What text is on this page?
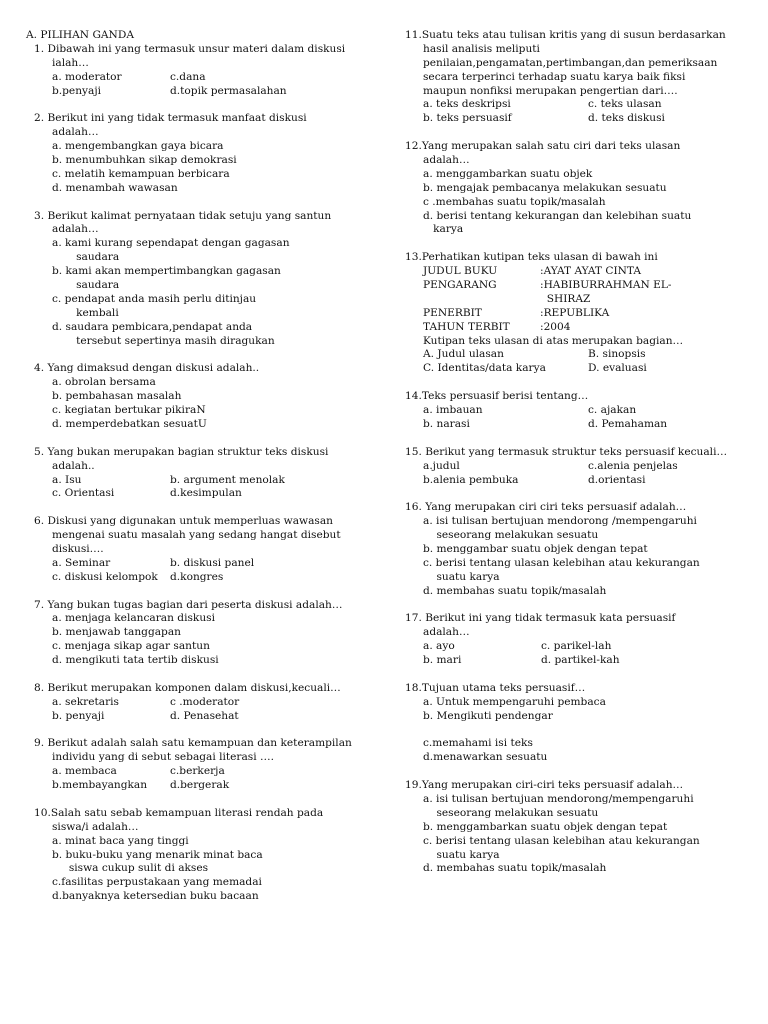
A. PILIHAN GANDA
1. Dibawah ini yang termasuk unsur materi dalam diskusi
ialah…
a. moderator	c.dana
b.penyaji	d.topik permasalahan
2. Berikut ini yang tidak termasuk manfaat diskusi
adalah…
a. mengembangkan gaya bicara
b. menumbuhkan sikap demokrasi
c. melatih kemampuan berbicara
d. menambah wawasan
3. Berikut kalimat pernyataan tidak setuju yang santun
adalah…
a. kami kurang sependapat dengan gagasan
saudara
b. kami akan mempertimbangkan gagasan
saudara
c. pendapat anda masih perlu ditinjau
kembali
d. saudara pembicara,pendapat anda
tersebut sepertinya masih diragukan
4. Yang dimaksud dengan diskusi adalah..
a. obrolan bersama
b. pembahasan masalah
c. kegiatan bertukar pikiraN
d. memperdebatkan sesuatU
5. Yang bukan merupakan bagian struktur teks diskusi
adalah..
a. Isu	b. argument menolak
c. Orientasi	d.kesimpulan
6. Diskusi yang digunakan untuk memperluas wawasan
mengenai suatu masalah yang sedang hangat disebut
diskusi….
a. Seminar	b. diskusi panel
c. diskusi kelompok	d.kongres
7. Yang bukan tugas bagian dari peserta diskusi adalah…
a. menjaga kelancaran diskusi
b. menjawab tanggapan
c. menjaga sikap agar santun
d. mengikuti tata tertib diskusi
8. Berikut merupakan komponen dalam diskusi,kecuali…
a. sekretaris	c .moderator
b. penyaji	d. Penasehat
9. Berikut adalah salah satu kemampuan dan keterampilan
individu yang di sebut sebagai literasi ….
a. membaca	c.berkerja
b.membayangkan	d.bergerak
10.Salah satu sebab kemampuan literasi rendah pada
siswa/i adalah…
a. minat baca yang tinggi
b. buku-buku yang menarik minat baca
siswa cukup sulit di akses
c.fasilitas perpustakaan yang memadai
d.banyaknya ketersedian buku bacaan
11.Suatu teks atau tulisan kritis yang di susun berdasarkan
hasil analisis meliputi
penilaian,pengamatan,pertimbangan,dan pemeriksaan
secara terperinci terhadap suatu karya baik fiksi
maupun nonfiksi merupakan pengertian dari….
a. teks deskripsi	c. teks ulasan
b. teks persuasif	d. teks diskusi
12.Yang merupakan salah satu ciri dari teks ulasan
adalah…
a. menggambarkan suatu objek
b. mengajak pembacanya melakukan sesuatu
c .membahas suatu topik/masalah
d. berisi tentang kekurangan dan kelebihan suatu
karya
13.Perhatikan kutipan teks ulasan di bawah ini
JUDUL BUKU	:AYAT AYAT CINTA
PENGARANG	:HABIBURRAHMAN EL-
SHIRAZ
PENERBIT	:REPUBLIKA
TAHUN TERBIT	:2004
Kutipan teks ulasan di atas merupakan bagian…
A. Judul ulasan	B. sinopsis
C. Identitas/data karya	D. evaluasi
14.Teks persuasif berisi tentang…
a. imbauan	c. ajakan
b. narasi	d. Pemahaman
15. Berikut yang termasuk struktur teks persuasif kecuali…
a.judul	c.alenia penjelas
b.alenia pembuka	d.orientasi
16. Yang merupakan ciri ciri teks persuasif adalah…
a. isi tulisan bertujuan mendorong /mempengaruhi
seseorang melakukan sesuatu
b. menggambar suatu objek dengan tepat
c. berisi tentang ulasan kelebihan atau kekurangan
suatu karya
d. membahas suatu topik/masalah
17. Berikut ini yang tidak termasuk kata persuasif
adalah…
a. ayo	c. parikel-lah
b. mari	d. partikel-kah
18.Tujuan utama teks persuasif…
a. Untuk mempengaruhi pembaca
b. Mengikuti pendengar
c.memahami isi teks
d.menawarkan sesuatu
19.Yang merupakan ciri-ciri teks persuasif adalah…
a. isi tulisan bertujuan mendorong/mempengaruhi
seseorang melakukan sesuatu
b. menggambarkan suatu objek dengan tepat
c. berisi tentang ulasan kelebihan atau kekurangan
suatu karya
d. membahas suatu topik/masalah
